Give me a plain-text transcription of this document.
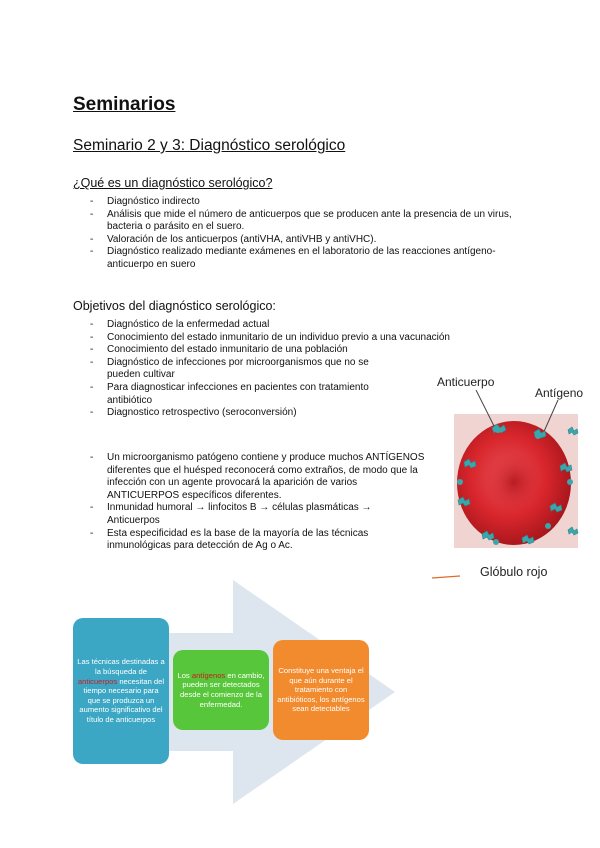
Seminarios
Seminario 2 y 3: Diagnóstico serológico
¿Qué es un diagnóstico serológico?
- Diagnóstico indirecto
- Análisis que mide el número de anticuerpos que se producen ante la presencia de un virus, bacteria o parásito en el suero.
- Valoración de los anticuerpos (antiVHA, antiVHB y antiVHC).
- Diagnóstico realizado mediante exámenes en el laboratorio de las reacciones antígeno-anticuerpo en suero
Objetivos del diagnóstico serológico:
- Diagnóstico de la enfermedad actual
- Conocimiento del estado inmunitario de un individuo previo a una vacunación
- Conocimiento del estado inmunitario de una población
- Diagnóstico de infecciones por microorganismos que no se pueden cultivar
- Para diagnosticar infecciones en pacientes con tratamiento antibiótico
- Diagnostico retrospectivo (seroconversión)
- Un microorganismo patógeno contiene y produce muchos ANTÍGENOS diferentes que el huésped reconocerá como extraños, de modo que la infección con un agente provocará la aparición de varios ANTICUERPOS específicos diferentes.
- Inmunidad humoral → linfocitos B → células plasmáticas → Anticuerpos
- Esta especificidad es la base de la mayoría de las técnicas inmunológicas para detección de Ag o Ac.
Anticuerpo
Antígeno
Glóbulo rojo
Las técnicas destinadas a la búsqueda de anticuerpos necesitan del tiempo necesario para que se produzca un aumento significativo del título de anticuerpos
Los antígenos en cambio, pueden ser detectados desde el comienzo de la enfermedad.
Constituye una ventaja el que aún durante el tratamiento con antibióticos, los antígenos sean detectables
